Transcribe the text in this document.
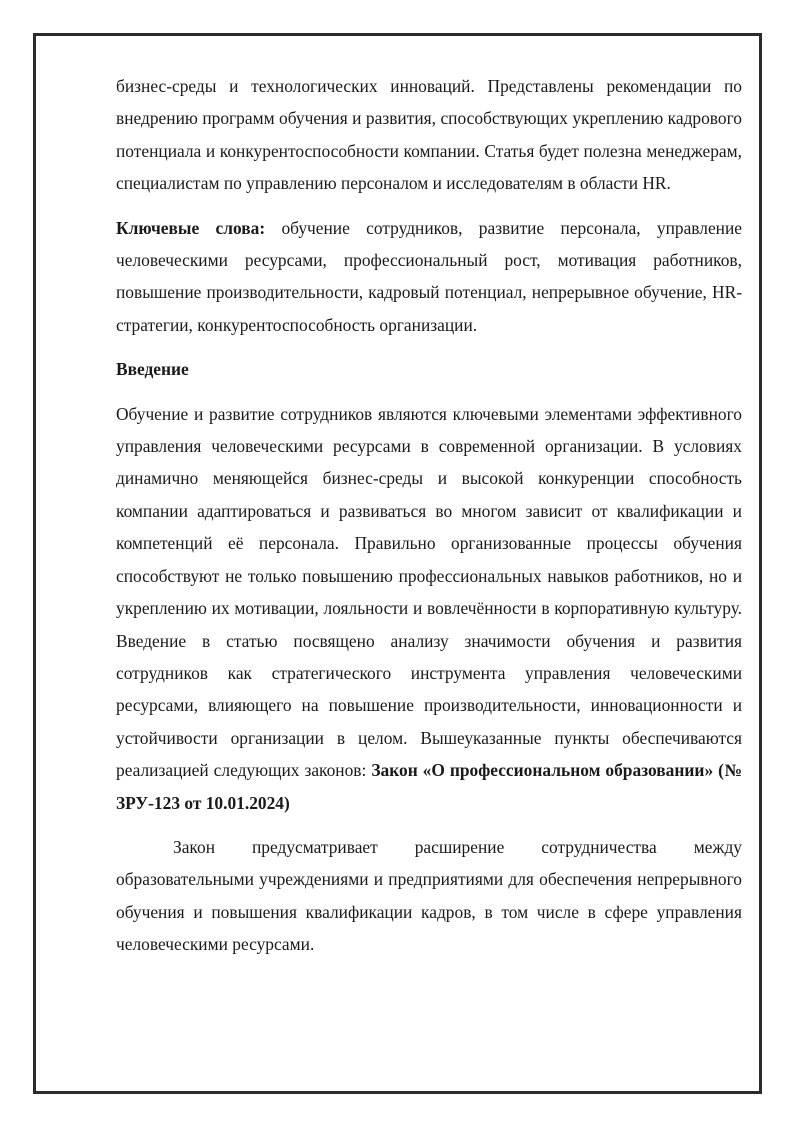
бизнес-среды и технологических инноваций. Представлены рекомендации по внедрению программ обучения и развития, способствующих укреплению кадрового потенциала и конкурентоспособности компании. Статья будет полезна менеджерам, специалистам по управлению персоналом и исследователям в области HR.

Ключевые слова: обучение сотрудников, развитие персонала, управление человеческими ресурсами, профессиональный рост, мотивация работников, повышение производительности, кадровый потенциал, непрерывное обучение, HR-стратегии, конкурентоспособность организации.

Введение

Обучение и развитие сотрудников являются ключевыми элементами эффективного управления человеческими ресурсами в современной организации. В условиях динамично меняющейся бизнес-среды и высокой конкуренции способность компании адаптироваться и развиваться во многом зависит от квалификации и компетенций её персонала. Правильно организованные процессы обучения способствуют не только повышению профессиональных навыков работников, но и укреплению их мотивации, лояльности и вовлечённости в корпоративную культуру. Введение в статью посвящено анализу значимости обучения и развития сотрудников как стратегического инструмента управления человеческими ресурсами, влияющего на повышение производительности, инновационности и устойчивости организации в целом. Вышеуказанные пункты обеспечиваются реализацией следующих законов: Закон «О профессиональном образовании» (№ ЗРУ-123 от 10.01.2024)

Закон предусматривает расширение сотрудничества между образовательными учреждениями и предприятиями для обеспечения непрерывного обучения и повышения квалификации кадров, в том числе в сфере управления человеческими ресурсами.
